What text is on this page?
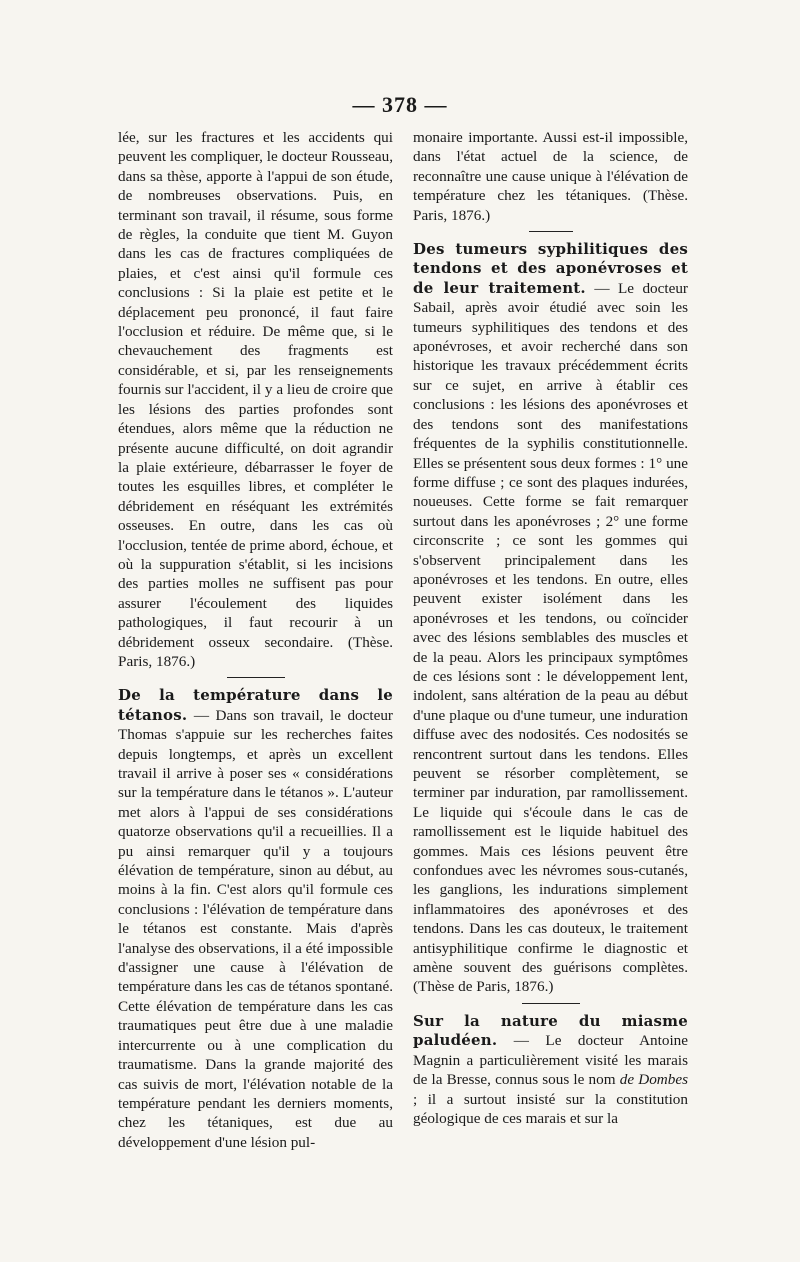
— 378 —

lée, sur les fractures et les accidents qui peuvent les compliquer, le docteur Rousseau, dans sa thèse, apporte à l'appui de son étude, de nombreuses observations. Puis, en terminant son travail, il résume, sous forme de règles, la conduite que tient M. Guyon dans les cas de fractures compliquées de plaies, et c'est ainsi qu'il formule ces conclusions : Si la plaie est petite et le déplacement peu prononcé, il faut faire l'occlusion et réduire. De même que, si le chevauchement des fragments est considérable, et si, par les renseignements fournis sur l'accident, il y a lieu de croire que les lésions des parties profondes sont étendues, alors même que la réduction ne présente aucune difficulté, on doit agrandir la plaie extérieure, débarrasser le foyer de toutes les esquilles libres, et compléter le débridement en réséquant les extrémités osseuses. En outre, dans les cas où l'occlusion, tentée de prime abord, échoue, et où la suppuration s'établit, si les incisions des parties molles ne suffisent pas pour assurer l'écoulement des liquides pathologiques, il faut recourir à un débridement osseux secondaire. (Thèse. Paris, 1876.)

De la température dans le tétanos. — Dans son travail, le docteur Thomas s'appuie sur les recherches faites depuis longtemps, et après un excellent travail il arrive à poser ses « considérations sur la température dans le tétanos ». L'auteur met alors à l'appui de ses considérations quatorze observations qu'il a recueillies. Il a pu ainsi remarquer qu'il y a toujours élévation de température, sinon au début, au moins à la fin. C'est alors qu'il formule ces conclusions : l'élévation de température dans le tétanos est constante. Mais d'après l'analyse des observations, il a été impossible d'assigner une cause à l'élévation de température dans les cas de tétanos spontané. Cette élévation de température dans les cas traumatiques peut être due à une maladie intercurrente ou à une complication du traumatisme. Dans la grande majorité des cas suivis de mort, l'élévation notable de la température pendant les derniers moments, chez les tétaniques, est due au développement d'une lésion pul-

monaire importante. Aussi est-il impossible, dans l'état actuel de la science, de reconnaître une cause unique à l'élévation de température chez les tétaniques. (Thèse. Paris, 1876.)

Des tumeurs syphilitiques des tendons et des aponévroses et de leur traitement. — Le docteur Sabail, après avoir étudié avec soin les tumeurs syphilitiques des tendons et des aponévroses, et avoir recherché dans son historique les travaux précédemment écrits sur ce sujet, en arrive à établir ces conclusions : les lésions des aponévroses et des tendons sont des manifestations fréquentes de la syphilis constitutionnelle. Elles se présentent sous deux formes : 1° une forme diffuse ; ce sont des plaques indurées, noueuses. Cette forme se fait remarquer surtout dans les aponévroses ; 2° une forme circonscrite ; ce sont les gommes qui s'observent principalement dans les aponévroses et les tendons. En outre, elles peuvent exister isolément dans les aponévroses et les tendons, ou coïncider avec des lésions semblables des muscles et de la peau. Alors les principaux symptômes de ces lésions sont : le développement lent, indolent, sans altération de la peau au début d'une plaque ou d'une tumeur, une induration diffuse avec des nodosités. Ces nodosités se rencontrent surtout dans les tendons. Elles peuvent se résorber complètement, se terminer par induration, par ramollissement. Le liquide qui s'écoule dans le cas de ramollissement est le liquide habituel des gommes. Mais ces lésions peuvent être confondues avec les névromes sous-cutanés, les ganglions, les indurations simplement inflammatoires des aponévroses et des tendons. Dans les cas douteux, le traitement antisyphilitique confirme le diagnostic et amène souvent des guérisons complètes. (Thèse de Paris, 1876.)

Sur la nature du miasme paludéen. — Le docteur Antoine Magnin a particulièrement visité les marais de la Bresse, connus sous le nom de Dombes ; il a surtout insisté sur la constitution géologique de ces marais et sur la
